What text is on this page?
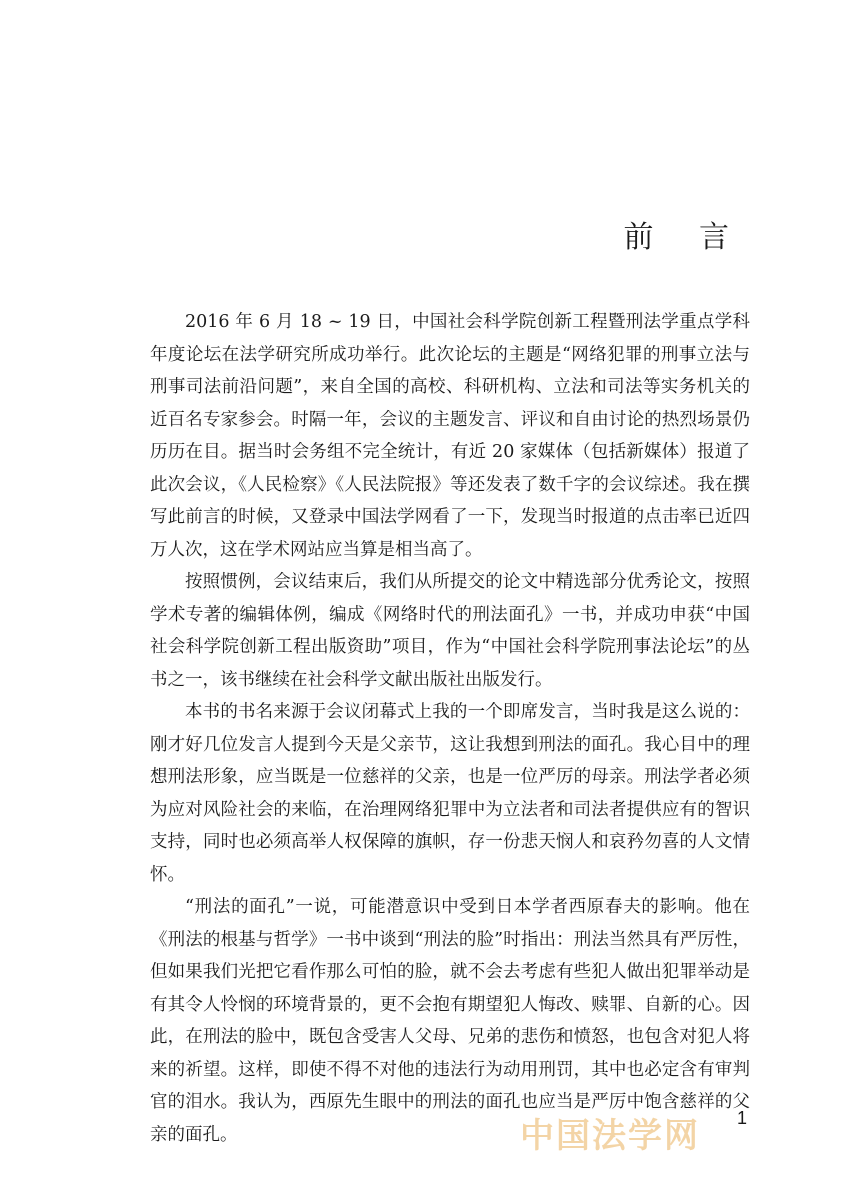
前 言

2016 年 6 月 18 ~ 19 日，中国社会科学院创新工程暨刑法学重点学科年度论坛在法学研究所成功举行。此次论坛的主题是“网络犯罪的刑事立法与刑事司法前沿问题”，来自全国的高校、科研机构、立法和司法等实务机关的近百名专家参会。时隔一年，会议的主题发言、评议和自由讨论的热烈场景仍历历在目。据当时会务组不完全统计，有近 20 家媒体（包括新媒体）报道了此次会议，《人民检察》《人民法院报》等还发表了数千字的会议综述。我在撰写此前言的时候，又登录中国法学网看了一下，发现当时报道的点击率已近四万人次，这在学术网站应当算是相当高了。

按照惯例，会议结束后，我们从所提交的论文中精选部分优秀论文，按照学术专著的编辑体例，编成《网络时代的刑法面孔》一书，并成功申获“中国社会科学院创新工程出版资助”项目，作为“中国社会科学院刑事法论坛”的丛书之一，该书继续在社会科学文献出版社出版发行。

本书的书名来源于会议闭幕式上我的一个即席发言，当时我是这么说的：刚才好几位发言人提到今天是父亲节，这让我想到刑法的面孔。我心目中的理想刑法形象，应当既是一位慈祥的父亲，也是一位严厉的母亲。刑法学者必须为应对风险社会的来临，在治理网络犯罪中为立法者和司法者提供应有的智识支持，同时也必须高举人权保障的旗帜，存一份悲天悯人和哀矜勿喜的人文情怀。

“刑法的面孔”一说，可能潜意识中受到日本学者西原春夫的影响。他在《刑法的根基与哲学》一书中谈到“刑法的脸”时指出：刑法当然具有严厉性，但如果我们光把它看作那么可怕的脸，就不会去考虑有些犯人做出犯罪举动是有其令人怜悯的环境背景的，更不会抱有期望犯人悔改、赎罪、自新的心。因此，在刑法的脸中，既包含受害人父母、兄弟的悲伤和愤怒，也包含对犯人将来的祈望。这样，即使不得不对他的违法行为动用刑罚，其中也必定含有审判官的泪水。我认为，西原先生眼中的刑法的面孔也应当是严厉中饱含慈祥的父亲的面孔。	中国法学网 1
